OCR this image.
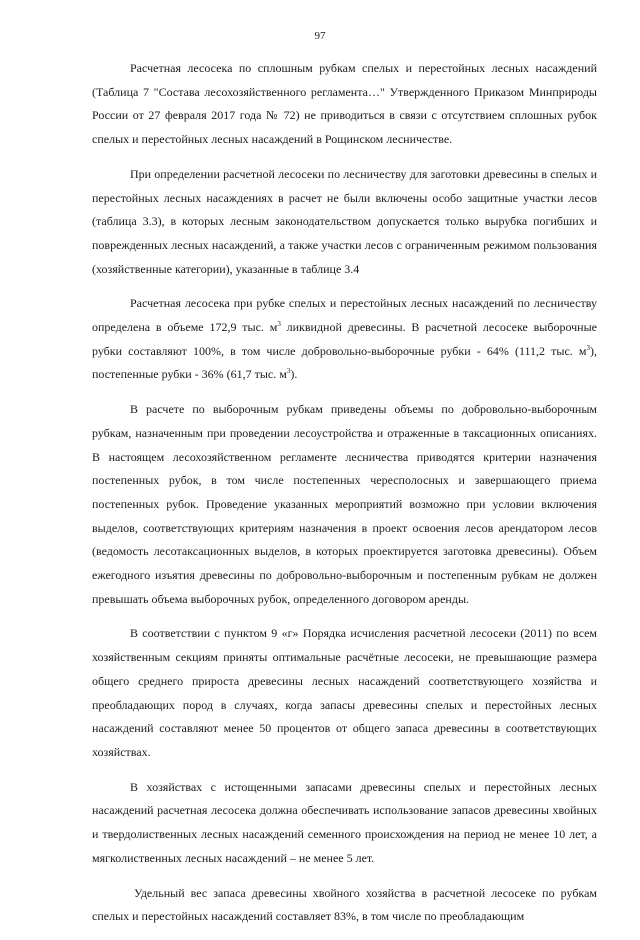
97

Расчетная лесосека по сплошным рубкам спелых и перестойных лесных насаждений (Таблица 7 "Состава лесохозяйственного регламента…" Утвержденного Приказом Минприроды России от 27 февраля 2017 года № 72) не приводиться в связи с отсутствием сплошных рубок спелых и перестойных лесных насаждений в Рощинском лесничестве.

При определении расчетной лесосеки по лесничеству для заготовки древесины в спелых и перестойных лесных насаждениях в расчет не были включены особо защитные участки лесов (таблица 3.3), в которых лесным законодательством допускается только вырубка погибших и поврежденных лесных насаждений, а также участки лесов с ограниченным режимом пользования (хозяйственные категории), указанные в таблице 3.4

Расчетная лесосека при рубке спелых и перестойных лесных насаждений по лесничеству определена в объеме 172,9 тыс. $м^3$ ликвидной древесины. В расчетной лесосеке выборочные рубки составляют 100%, в том числе добровольно-выборочные рубки - 64% (111,2 тыс. $м^3$), постепенные рубки - 36% (61,7 тыс. $м^3$).

В расчете по выборочным рубкам приведены объемы по добровольно-выборочным рубкам, назначенным при проведении лесоустройства и отраженные в таксационных описаниях. В настоящем лесохозяйственном регламенте лесничества приводятся критерии назначения постепенных рубок, в том числе постепенных чересполосных и завершающего приема постепенных рубок. Проведение указанных мероприятий возможно при условии включения выделов, соответствующих критериям назначения в проект освоения лесов арендатором лесов (ведомость лесотаксационных выделов, в которых проектируется заготовка древесины). Объем ежегодного изъятия древесины по добровольно-выборочным и постепенным рубкам не должен превышать объема выборочных рубок, определенного договором аренды.

В соответствии с пунктом 9 «г» Порядка исчисления расчетной лесосеки (2011) по всем хозяйственным секциям приняты оптимальные расчётные лесосеки, не превышающие размера общего среднего прироста древесины лесных насаждений соответствующего хозяйства и преобладающих пород в случаях, когда запасы древесины спелых и перестойных лесных насаждений составляют менее 50 процентов от общего запаса древесины в соответствующих хозяйствах.

В хозяйствах с истощенными запасами древесины спелых и перестойных лесных насаждений расчетная лесосека должна обеспечивать использование запасов древесины хвойных и твердолиственных лесных насаждений семенного происхождения на период не менее 10 лет, а мягколиственных лесных насаждений – не менее 5 лет.

Удельный вес запаса древесины хвойного хозяйства в расчетной лесосеке по рубкам спелых и перестойных насаждений составляет 83%, в том числе по преобладающим
